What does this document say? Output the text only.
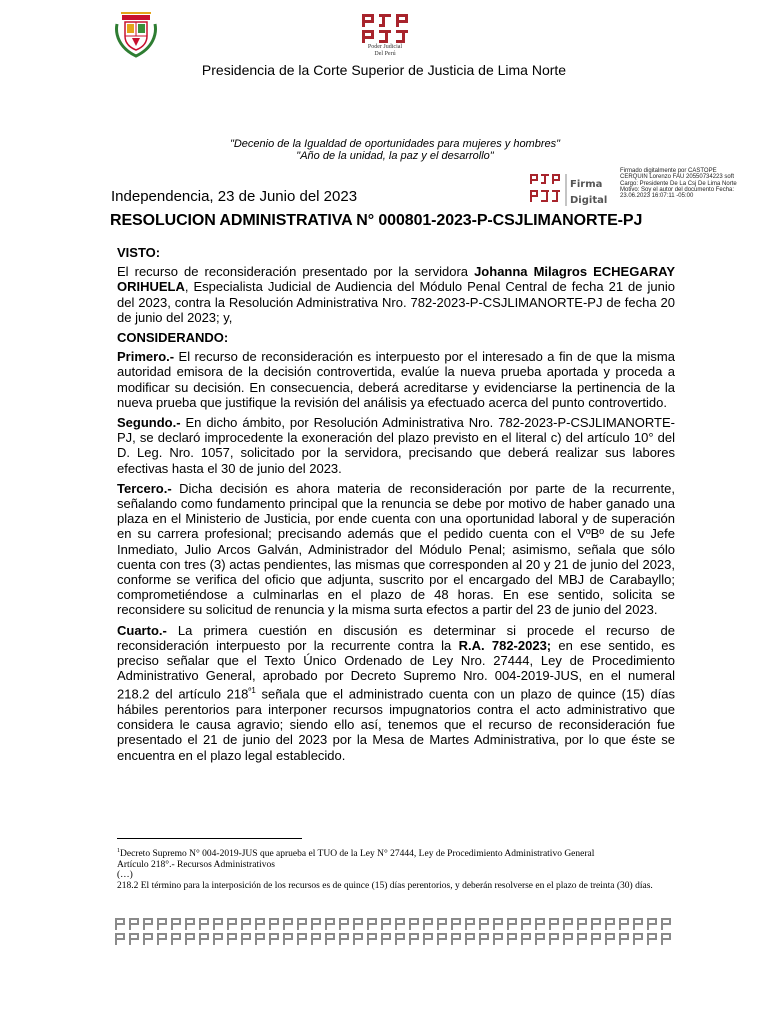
Poder Judicial
Del Perú
Presidencia de la Corte Superior de Justicia de Lima Norte
"Decenio de la Igualdad de oportunidades para mujeres y hombres"
"Año de la unidad, la paz y el desarrollo"
Independencia, 23 de Junio del 2023
Firma
Digital
Firmado digitalmente por CASTOPE CERQUIN Lorenzo FAU 20550734223 soft Cargo: Presidente De La Csj De Lima Norte Motivo: Soy el autor del documento Fecha: 23.06.2023 16:07:11 -05:00
RESOLUCION ADMINISTRATIVA N° 000801-2023-P-CSJLIMANORTE-PJ

VISTO:

El recurso de reconsideración presentado por la servidora Johanna Milagros ECHEGARAY ORIHUELA, Especialista Judicial de Audiencia del Módulo Penal Central de fecha 21 de junio del 2023, contra la Resolución Administrativa Nro. 782-2023-P-CSJLIMANORTE-PJ de fecha 20 de junio del 2023; y,

CONSIDERANDO:

Primero.- El recurso de reconsideración es interpuesto por el interesado a fin de que la misma autoridad emisora de la decisión controvertida, evalúe la nueva prueba aportada y proceda a modificar su decisión. En consecuencia, deberá acreditarse y evidenciarse la pertinencia de la nueva prueba que justifique la revisión del análisis ya efectuado acerca del punto controvertido.

Segundo.- En dicho ámbito, por Resolución Administrativa Nro. 782-2023-P-CSJLIMANORTE-PJ, se declaró improcedente la exoneración del plazo previsto en el literal c) del artículo 10° del D. Leg. Nro. 1057, solicitado por la servidora, precisando que deberá realizar sus labores efectivas hasta el 30 de junio del 2023.

Tercero.- Dicha decisión es ahora materia de reconsideración por parte de la recurrente, señalando como fundamento principal que la renuncia se debe por motivo de haber ganado una plaza en el Ministerio de Justicia, por ende cuenta con una oportunidad laboral y de superación en su carrera profesional; precisando además que el pedido cuenta con el VºBº de su Jefe Inmediato, Julio Arcos Galván, Administrador del Módulo Penal; asimismo, señala que sólo cuenta con tres (3) actas pendientes, las mismas que corresponden al 20 y 21 de junio del 2023, conforme se verifica del oficio que adjunta, suscrito por el encargado del MBJ de Carabayllo; comprometiéndose a culminarlas en el plazo de 48 horas. En ese sentido, solicita se reconsidere su solicitud de renuncia y la misma surta efectos a partir del 23 de junio del 2023.

Cuarto.- La primera cuestión en discusión es determinar si procede el recurso de reconsideración interpuesto por la recurrente contra la R.A. 782-2023; en ese sentido, es preciso señalar que el Texto Único Ordenado de Ley Nro. 27444, Ley de Procedimiento Administrativo General, aprobado por Decreto Supremo Nro. 004-2019-JUS, en el numeral 218.2 del artículo $218^{º1}$ señala que el administrado cuenta con un plazo de quince (15) días hábiles perentorios para interponer recursos impugnatorios contra el acto administrativo que considera le causa agravio; siendo ello así, tenemos que el recurso de reconsideración fue presentado el 21 de junio del 2023 por la Mesa de Martes Administrativa, por lo que éste se encuentra en el plazo legal establecido.

$^1$Decreto Supremo N° 004-2019-JUS que aprueba el TUO de la Ley N° 27444, Ley de Procedimiento Administrativo General
Artículo 218°.- Recursos Administrativos
(…)
218.2 El término para la interposición de los recursos es de quince (15) días perentorios, y deberán resolverse en el plazo de treinta (30) días.
